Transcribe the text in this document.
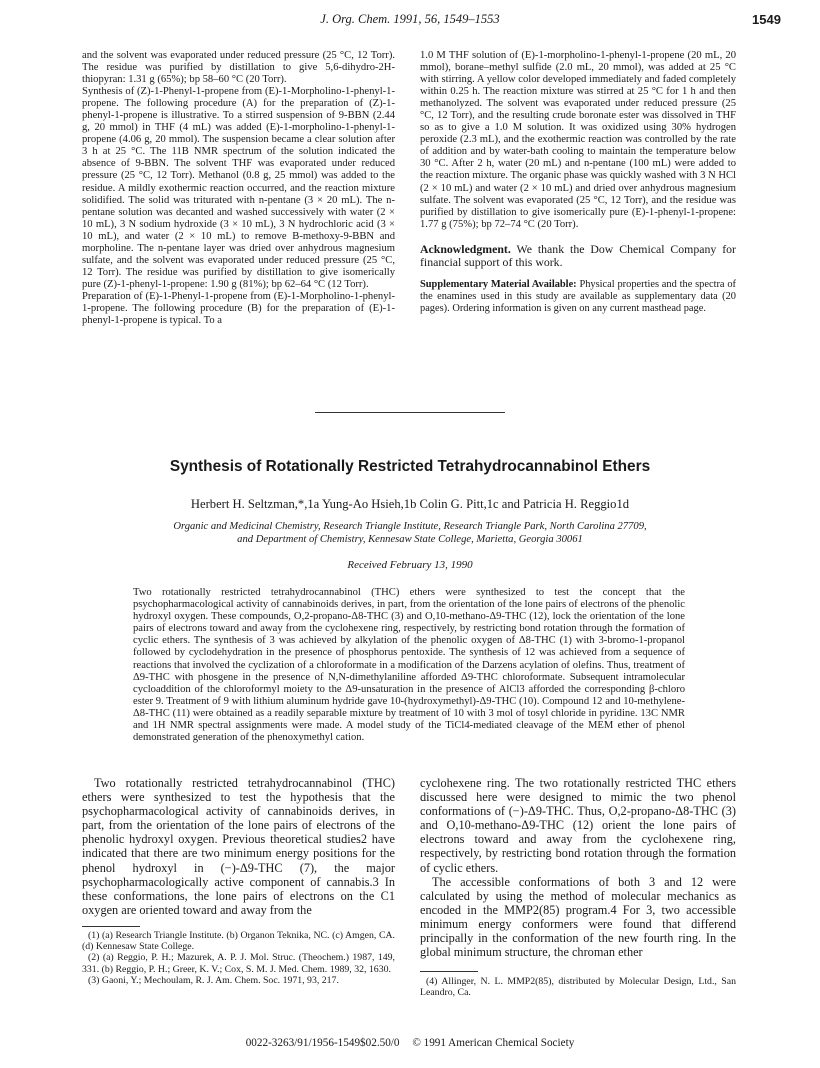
J. Org. Chem. 1991, 56, 1549–1553	1549

and the solvent was evaporated under reduced pressure (25 °C, 12 Torr). The residue was purified by distillation to give 5,6-dihydro-2H-thiopyran: 1.31 g (65%); bp 58–60 °C (20 Torr).

Synthesis of (Z)-1-Phenyl-1-propene from (E)-1-Morpholino-1-phenyl-1-propene. The following procedure (A) for the preparation of (Z)-1-phenyl-1-propene is illustrative. To a stirred suspension of 9-BBN (2.44 g, 20 mmol) in THF (4 mL) was added (E)-1-morpholino-1-phenyl-1-propene (4.06 g, 20 mmol). The suspension became a clear solution after 3 h at 25 °C. The 11B NMR spectrum of the solution indicated the absence of 9-BBN. The solvent THF was evaporated under reduced pressure (25 °C, 12 Torr). Methanol (0.8 g, 25 mmol) was added to the residue. A mildly exothermic reaction occurred, and the reaction mixture solidified. The solid was triturated with n-pentane (3 × 20 mL). The n-pentane solution was decanted and washed successively with water (2 × 10 mL), 3 N sodium hydroxide (3 × 10 mL), 3 N hydrochloric acid (3 × 10 mL), and water (2 × 10 mL) to remove B-methoxy-9-BBN and morpholine. The n-pentane layer was dried over anhydrous magnesium sulfate, and the solvent was evaporated under reduced pressure (25 °C, 12 Torr). The residue was purified by distillation to give isomerically pure (Z)-1-phenyl-1-propene: 1.90 g (81%); bp 62–64 °C (12 Torr).

Preparation of (E)-1-Phenyl-1-propene from (E)-1-Morpholino-1-phenyl-1-propene. The following procedure (B) for the preparation of (E)-1-phenyl-1-propene is typical. To a

1.0 M THF solution of (E)-1-morpholino-1-phenyl-1-propene (20 mL, 20 mmol), borane–methyl sulfide (2.0 mL, 20 mmol), was added at 25 °C with stirring. A yellow color developed immediately and faded completely within 0.25 h. The reaction mixture was stirred at 25 °C for 1 h and then methanolyzed. The solvent was evaporated under reduced pressure (25 °C, 12 Torr), and the resulting crude boronate ester was dissolved in THF so as to give a 1.0 M solution. It was oxidized using 30% hydrogen peroxide (2.3 mL), and the exothermic reaction was controlled by the rate of addition and by water-bath cooling to maintain the temperature below 30 °C. After 2 h, water (20 mL) and n-pentane (100 mL) were added to the reaction mixture. The organic phase was quickly washed with 3 N HCl (2 × 10 mL) and water (2 × 10 mL) and dried over anhydrous magnesium sulfate. The solvent was evaporated (25 °C, 12 Torr), and the residue was purified by distillation to give isomerically pure (E)-1-phenyl-1-propene: 1.77 g (75%); bp 72–74 °C (20 Torr).

Acknowledgment. We thank the Dow Chemical Company for financial support of this work.

Supplementary Material Available: Physical properties and the spectra of the enamines used in this study are available as supplementary data (20 pages). Ordering information is given on any current masthead page.

Synthesis of Rotationally Restricted Tetrahydrocannabinol Ethers
Herbert H. Seltzman,*,1a Yung-Ao Hsieh,1b Colin G. Pitt,1c and Patricia H. Reggio1d
Organic and Medicinal Chemistry, Research Triangle Institute, Research Triangle Park, North Carolina 27709,
and Department of Chemistry, Kennesaw State College, Marietta, Georgia 30061
Received February 13, 1990
Two rotationally restricted tetrahydrocannabinol (THC) ethers were synthesized to test the concept that the psychopharmacological activity of cannabinoids derives, in part, from the orientation of the lone pairs of electrons of the phenolic hydroxyl oxygen. These compounds, O,2-propano-Δ8-THC (3) and O,10-methano-Δ9-THC (12), lock the orientation of the lone pairs of electrons toward and away from the cyclohexene ring, respectively, by restricting bond rotation through the formation of cyclic ethers. The synthesis of 3 was achieved by alkylation of the phenolic oxygen of Δ8-THC (1) with 3-bromo-1-propanol followed by cyclodehydration in the presence of phosphorus pentoxide. The synthesis of 12 was achieved from a sequence of reactions that involved the cyclization of a chloroformate in a modification of the Darzens acylation of olefins. Thus, treatment of Δ9-THC with phosgene in the presence of N,N-dimethylaniline afforded Δ9-THC chloroformate. Subsequent intramolecular cycloaddition of the chloroformyl moiety to the Δ9-unsaturation in the presence of AlCl3 afforded the corresponding β-chloro ester 9. Treatment of 9 with lithium aluminum hydride gave 10-(hydroxymethyl)-Δ9-THC (10). Compound 12 and 10-methylene-Δ8-THC (11) were obtained as a readily separable mixture by treatment of 10 with 3 mol of tosyl chloride in pyridine. 13C NMR and 1H NMR spectral assignments were made. A model study of the TiCl4-mediated cleavage of the MEM ether of phenol demonstrated generation of the phenoxymethyl cation.

Two rotationally restricted tetrahydrocannabinol (THC) ethers were synthesized to test the hypothesis that the psychopharmacological activity of cannabinoids derives, in part, from the orientation of the lone pairs of electrons of the phenolic hydroxyl oxygen. Previous theoretical studies2 have indicated that there are two minimum energy positions for the phenol hydroxyl in (−)-Δ9-THC (7), the major psychopharmacologically active component of cannabis.3 In these conformations, the lone pairs of electrons on the C1 oxygen are oriented toward and away from the

cyclohexene ring. The two rotationally restricted THC ethers discussed here were designed to mimic the two phenol conformations of (−)-Δ9-THC. Thus, O,2-propano-Δ8-THC (3) and O,10-methano-Δ9-THC (12) orient the lone pairs of electrons toward and away from the cyclohexene ring, respectively, by restricting bond rotation through the formation of cyclic ethers.

The accessible conformations of both 3 and 12 were calculated by using the method of molecular mechanics as encoded in the MMP2(85) program.4 For 3, two accessible minimum energy conformers were found that differend principally in the conformation of the new fourth ring. In the global minimum structure, the chroman ether

(1) (a) Research Triangle Institute. (b) Organon Teknika, NC. (c) Amgen, CA. (d) Kennesaw State College.

(2) (a) Reggio, P. H.; Mazurek, A. P. J. Mol. Struc. (Theochem.) 1987, 149, 331. (b) Reggio, P. H.; Greer, K. V.; Cox, S. M. J. Med. Chem. 1989, 32, 1630.

(3) Gaoni, Y.; Mechoulam, R. J. Am. Chem. Soc. 1971, 93, 217.	(4) Allinger, N. L. MMP2(85), distributed by Molecular Design, Ltd., San Leandro, Ca.

0022-3263/91/1956-1549$02.50/0 © 1991 American Chemical Society
